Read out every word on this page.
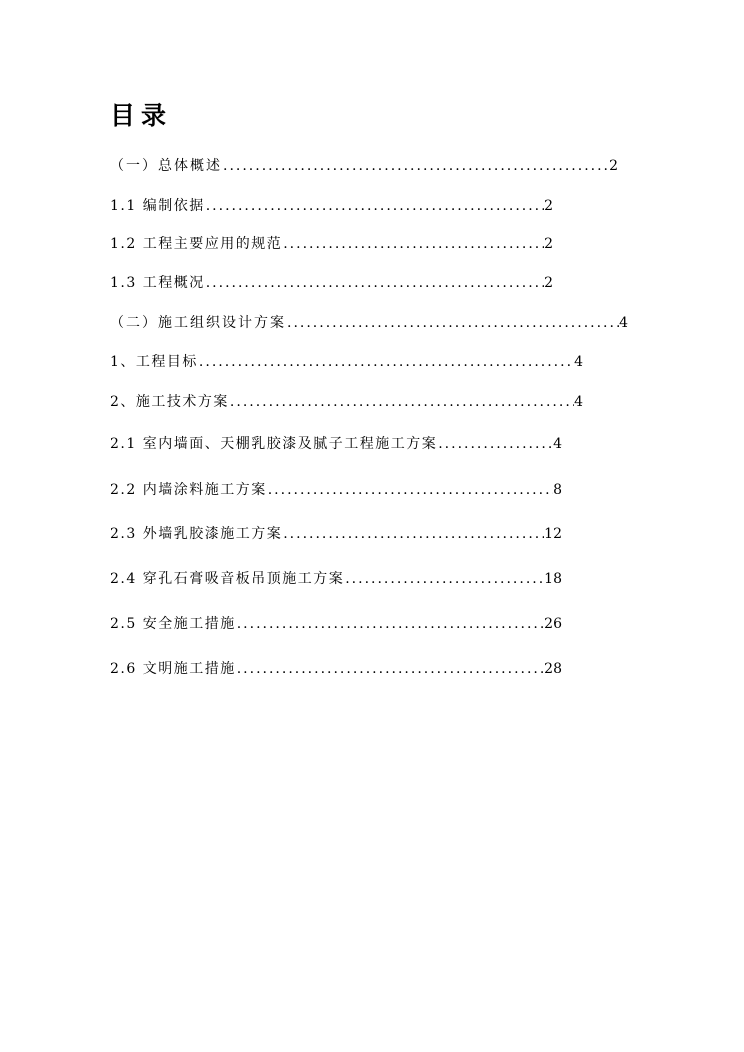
目录
（一）总体概述 .....	2
1.1 编制依据 .....	2
1.2 工程主要应用的规范 .....	2
1.3 工程概况 .....	2
（二）施工组织设计方案 .....	4
1、工程目标 .....	4
2、施工技术方案 .....	4
2.1 室内墙面、天棚乳胶漆及腻子工程施工方案 .....	4
2.2 内墙涂料施工方案 .....	8
2.3 外墙乳胶漆施工方案 .....	12
2.4 穿孔石膏吸音板吊顶施工方案 .....	18
2.5 安全施工措施 .....	26
2.6 文明施工措施 .....	28
